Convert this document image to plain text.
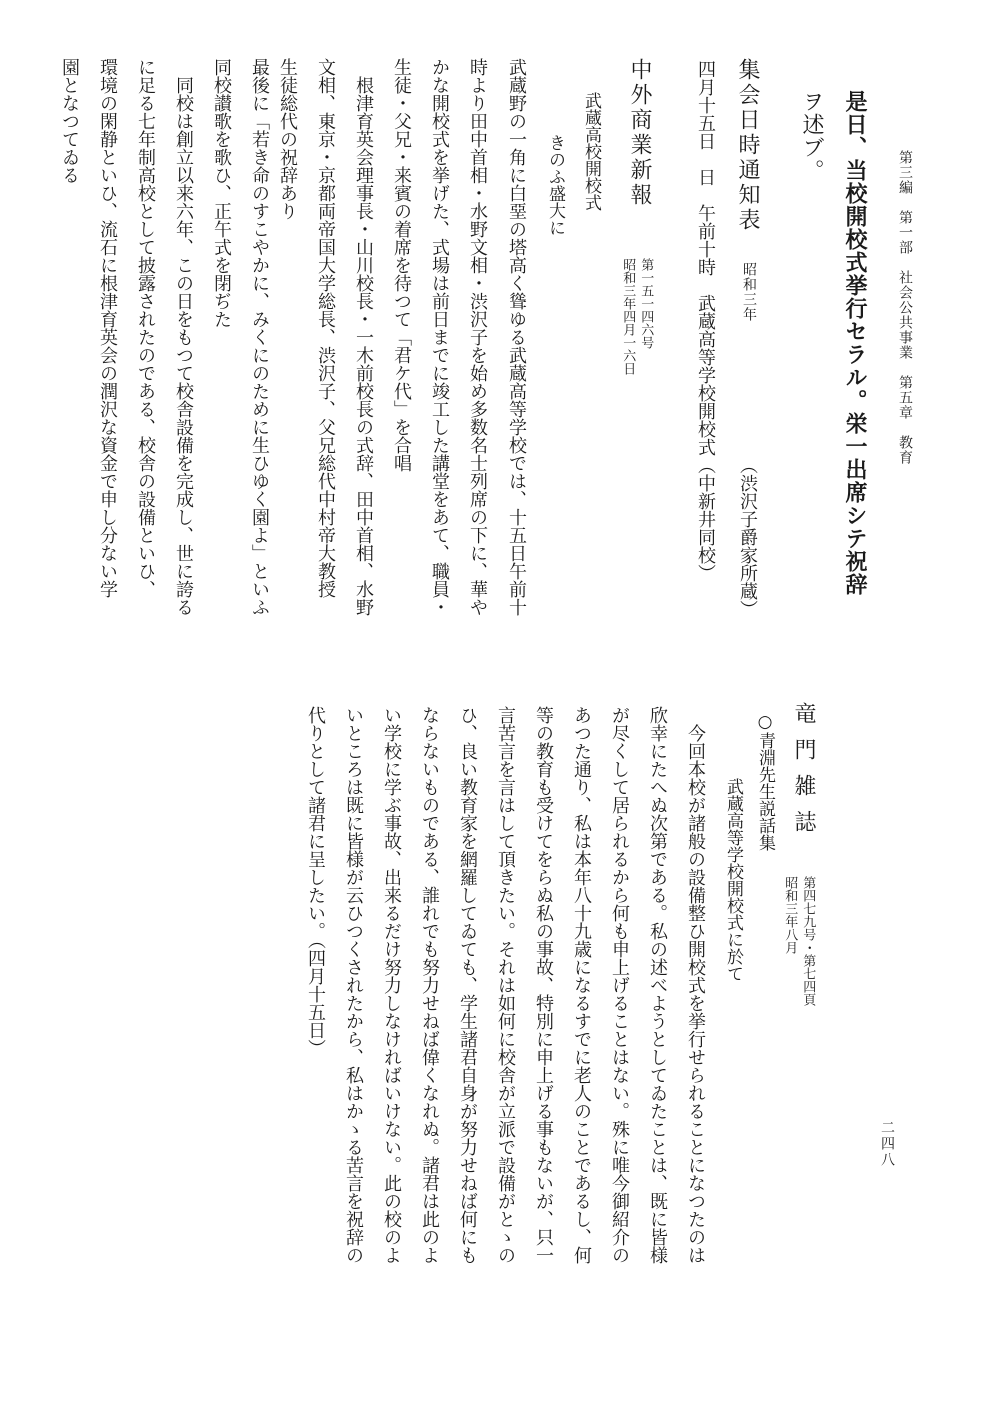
第三編　第一部　社会公共事業　第五章　教育
二四八
是日、当校開校式挙行セラル。栄一出席シテ祝辞
ヲ述ブ。
集会日時通知表
昭和三年
（渋沢子爵家所蔵）
四月十五日　日　午前十時　武蔵高等学校開校式（中新井同校）
中外商業新報
第一五一四六号
昭和三年四月一六日
武蔵高校開校式
きのふ盛大に
武蔵野の一角に白堊の塔高く聳ゆる武蔵高等学校では、十五日午前十
時より田中首相・水野文相・渋沢子を始め多数名士列席の下に、華や
かな開校式を挙げた、式場は前日までに竣工した講堂をあて、職員・
生徒・父兄・来賓の着席を待つて「君ケ代」を合唱
　根津育英会理事長・山川校長・一木前校長の式辞、田中首相、水野
文相、東京・京都両帝国大学総長、渋沢子、父兄総代中村帝大教授
生徒総代の祝辞あり
最後に「若き命のすこやかに、みくにのために生ひゆく園よ」といふ
同校讃歌を歌ひ、正午式を閉ぢた
　同校は創立以来六年、この日をもつて校舎設備を完成し、世に誇る
に足る七年制高校として披露されたのである、校舎の設備といひ、
環境の閑静といひ、流石に根津育英会の潤沢な資金で申し分ない学
園となつてゐる
竜門雑誌
第四七九号・第七四頁
昭和三年八月
○青淵先生説話集
武蔵高等学校開校式に於て
　今回本校が諸般の設備整ひ開校式を挙行せられることになつたのは
欣幸にたへぬ次第である。私の述べようとしてゐたことは、既に皆様
が尽くして居られるから何も申上げることはない。殊に唯今御紹介の
あつた通り、私は本年八十九歳になるすでに老人のことであるし、何
等の教育も受けてをらぬ私の事故、特別に申上げる事もないが、只一
言苦言を言はして頂きたい。それは如何に校舎が立派で設備がとゝの
ひ、良い教育家を網羅してゐても、学生諸君自身が努力せねば何にも
ならないものである、誰れでも努力せねば偉くなれぬ。諸君は此のよ
い学校に学ぶ事故、出来るだけ努力しなければいけない。此の校のよ
いところは既に皆様が云ひつくされたから、私はかゝる苦言を祝辞の
代りとして諸君に呈したい。（四月十五日）
